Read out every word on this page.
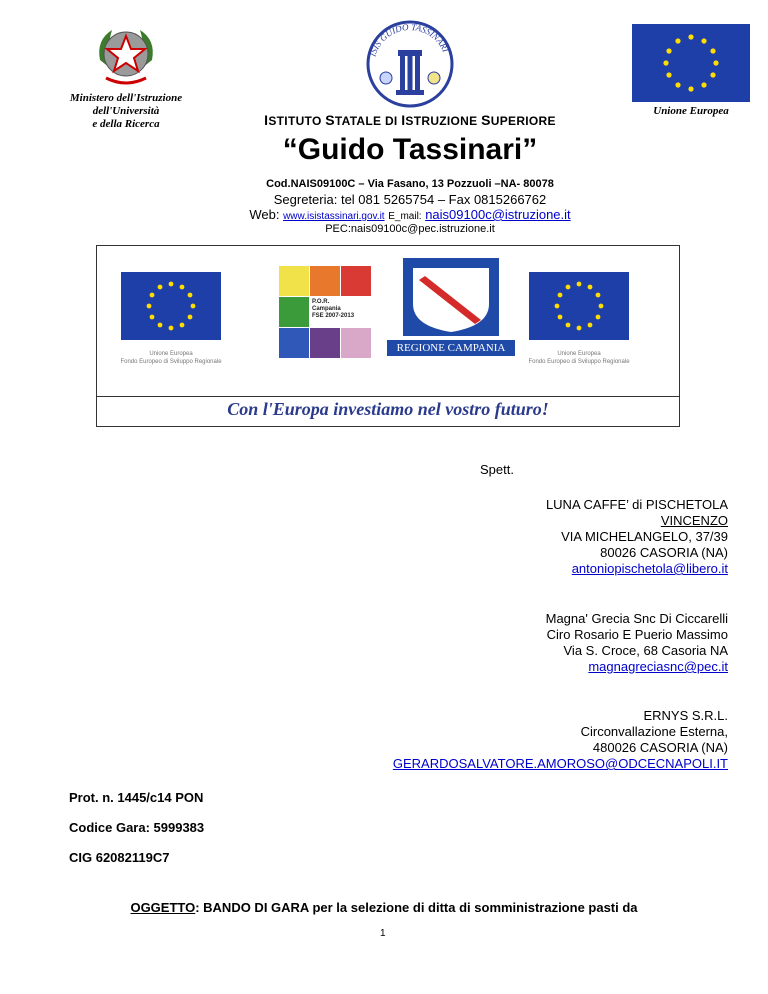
Ministero dell'Istruzione
dell'Università
e della Ricerca
ISIS GUIDO TASSINARI
Unione Europea
ISTITUTO STATALE DI ISTRUZIONE SUPERIORE
“Guido Tassinari”
Cod.NAIS09100C – Via Fasano, 13 Pozzuoli –NA- 80078
Segreteria: tel 081 5265754 – Fax 0815266762
Web: www.isistassinari.gov.it E_mail: nais09100c@istruzione.it
PEC:nais09100c@pec.istruzione.it
Unione Europea
Fondo Europeo di Sviluppo Regionale
P.O.R.
Campania
FSE 2007-2013
REGIONE CAMPANIA	Unione Europea
Fondo Europeo di Sviluppo Regionale
Con l'Europa investiamo nel vostro futuro!
Spett.
LUNA CAFFE’ di PISCHETOLA
VINCENZO
VIA MICHELANGELO, 37/39
80026 CASORIA (NA)
antoniopischetola@libero.it
Magna' Grecia Snc Di Ciccarelli
Ciro Rosario E Puerio Massimo
Via S. Croce, 68 Casoria NA
magnagreciasnc@pec.it
ERNYS S.R.L.
Circonvallazione Esterna,
480026 CASORIA (NA)
GERARDOSALVATORE.AMOROSO@ODCECNAPOLI.IT
Prot. n. 1445/c14 PON
Codice Gara: 5999383
CIG 62082119C7
OGGETTO: BANDO DI GARA per la selezione di ditta di somministrazione pasti da
1
